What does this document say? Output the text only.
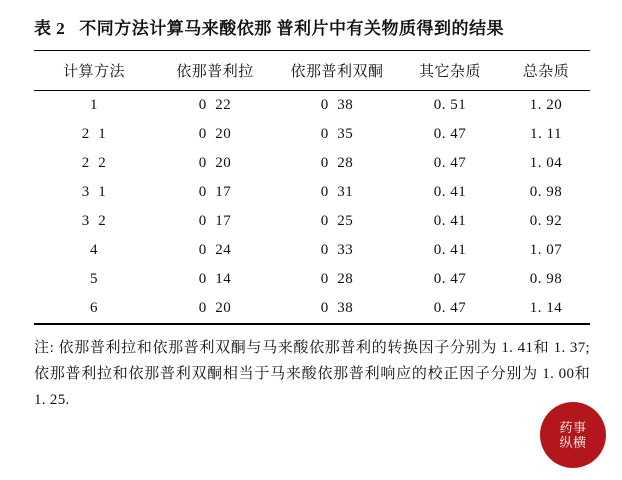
表 2 不同方法计算马来酸依那 普利片中有关物质得到的结果
计算方法	依那普利拉	依那普利双酮	其它杂质	总杂质
1	0  22	0  38	0. 51	1. 20
2  1	0  20	0  35	0. 47	1. 11
2  2	0  20	0  28	0. 47	1. 04
3  1	0  17	0  31	0. 41	0. 98
3  2	0  17	0  25	0. 41	0. 92
4	0  24	0  33	0. 41	1. 07
5	0  14	0  28	0. 47	0. 98
6	0  20	0  38	0. 47	1. 14
注: 依那普利拉和依那普利双酮与马来酸依那普利的转换因子分别为 1. 41和 1. 37;依那普利拉和依那普利双酮相当于马来酸依那普利响应的校正因子分别为 1. 00和 1. 25.
药事纵横
